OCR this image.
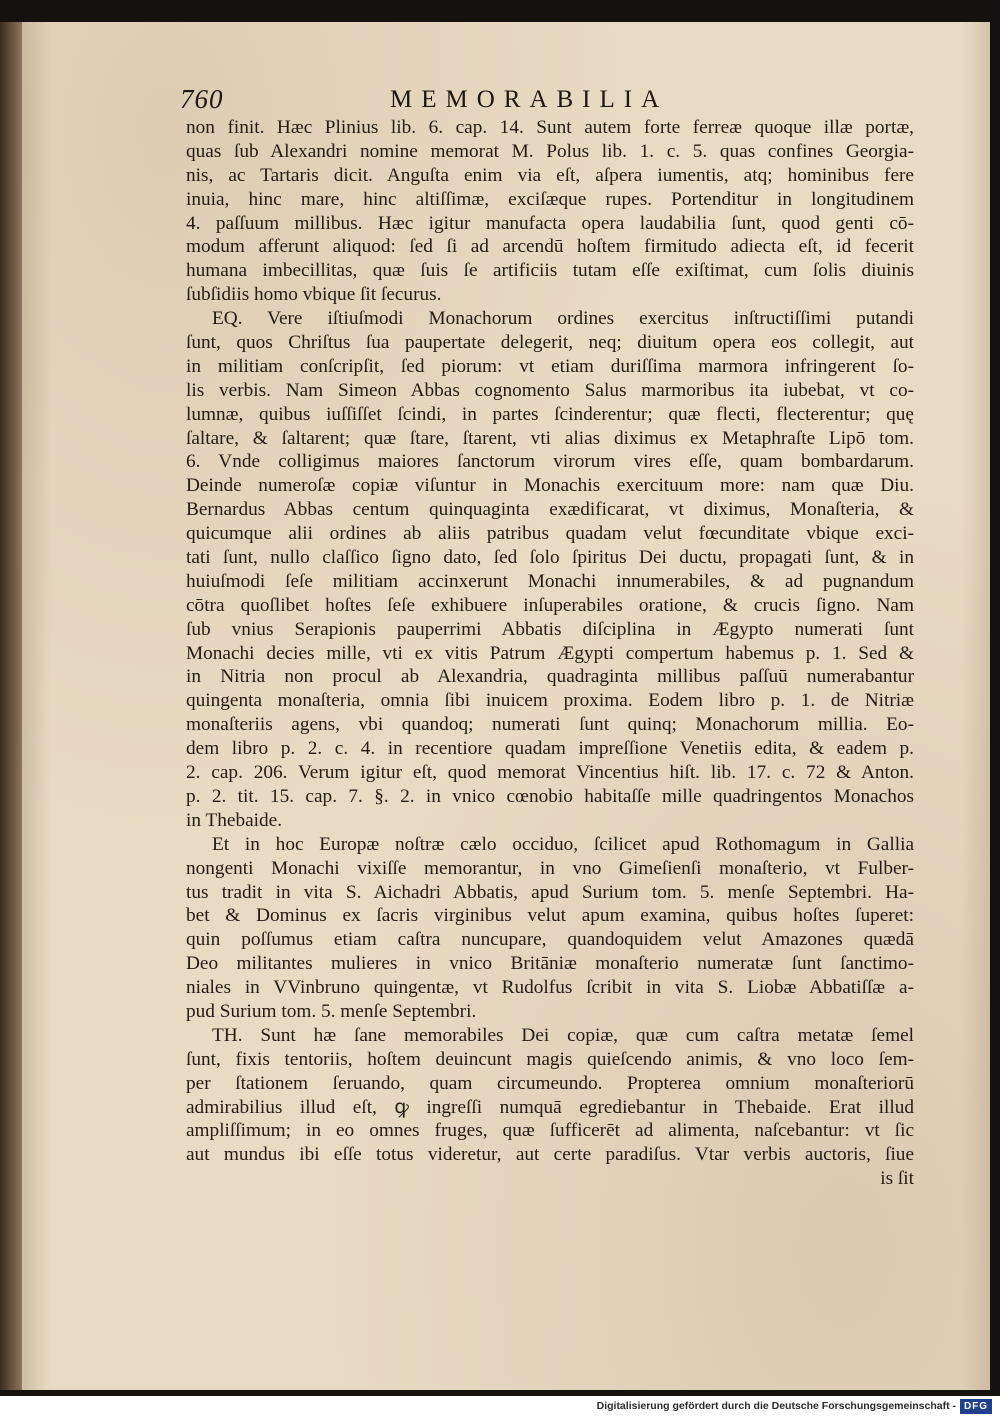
760	MEMORABILIA
non finit. Hæc Plinius lib. 6. cap. 14. Sunt autem forte ferreæ quoque illæ portæ,
quas ſub Alexandri nomine memorat M. Polus lib. 1. c. 5. quas confines Georgia-
nis, ac Tartaris dicit. Anguſta enim via eſt, aſpera iumentis, atq; hominibus fere
inuia, hinc mare, hinc altiſſimæ, exciſæque rupes. Portenditur in longitudinem
4. paſſuum millibus. Hæc igitur manufacta opera laudabilia ſunt, quod genti cō-
modum afferunt aliquod: ſed ſi ad arcendū hoſtem firmitudo adiecta eſt, id fecerit
humana imbecillitas, quæ ſuis ſe artificiis tutam eſſe exiſtimat, cum ſolis diuinis
ſubſidiis homo vbique ſit ſecurus.
EQ. Vere iſtiuſmodi Monachorum ordines exercitus inſtructiſſimi putandi
ſunt, quos Chriſtus ſua paupertate delegerit, neq; diuitum opera eos collegit, aut
in militiam conſcripſit, ſed piorum: vt etiam duriſſima marmora infringerent ſo-
lis verbis. Nam Simeon Abbas cognomento Salus marmoribus ita iubebat, vt co-
lumnæ, quibus iuſſiſſet ſcindi, in partes ſcinderentur; quæ flecti, flecterentur; quę
ſaltare, & ſaltarent; quæ ſtare, ſtarent, vti alias diximus ex Metaphraſte Lipō tom.
6. Vnde colligimus maiores ſanctorum virorum vires eſſe, quam bombardarum.
Deinde numeroſæ copiæ viſuntur in Monachis exercituum more: nam quæ Diu.
Bernardus Abbas centum quinquaginta exædificarat, vt diximus, Monaſteria, &
quicumque alii ordines ab aliis patribus quadam velut fœcunditate vbique exci-
tati ſunt, nullo claſſico ſigno dato, ſed ſolo ſpiritus Dei ductu, propagati ſunt, & in
huiuſmodi ſeſe militiam accinxerunt Monachi innumerabiles, & ad pugnandum
cōtra quoſlibet hoſtes ſeſe exhibuere inſuperabiles oratione, & crucis ſigno. Nam
ſub vnius Serapionis pauperrimi Abbatis diſciplina in Ægypto numerati ſunt
Monachi decies mille, vti ex vitis Patrum Ægypti compertum habemus p. 1. Sed &
in Nitria non procul ab Alexandria, quadraginta millibus paſſuū numerabantur
quingenta monaſteria, omnia ſibi inuicem proxima. Eodem libro p. 1. de Nitriæ
monaſteriis agens, vbi quandoq; numerati ſunt quinq; Monachorum millia. Eo-
dem libro p. 2. c. 4. in recentiore quadam impreſſione Venetiis edita, & eadem p.
2. cap. 206. Verum igitur eſt, quod memorat Vincentius hiſt. lib. 17. c. 72 & Anton.
p. 2. tit. 15. cap. 7. §. 2. in vnico cœnobio habitaſſe mille quadringentos Monachos
in Thebaide.
Et in hoc Europæ noſtræ cælo occiduo, ſcilicet apud Rothomagum in Gallia
nongenti Monachi vixiſſe memorantur, in vno Gimeſienſi monaſterio, vt Fulber-
tus tradit in vita S. Aichadri Abbatis, apud Surium tom. 5. menſe Septembri. Ha-
bet & Dominus ex ſacris virginibus velut apum examina, quibus hoſtes ſuperet:
quin poſſumus etiam caſtra nuncupare, quandoquidem velut Amazones quædā
Deo militantes mulieres in vnico Britāniæ monaſterio numeratæ ſunt ſanctimo-
niales in VVinbruno quingentæ, vt Rudolfus ſcribit in vita S. Liobæ Abbatiſſæ a-
pud Surium tom. 5. menſe Septembri.
TH. Sunt hæ ſane memorabiles Dei copiæ, quæ cum caſtra metatæ ſemel
ſunt, fixis tentoriis, hoſtem deuincunt magis quieſcendo animis, & vno loco ſem-
per ſtationem ſeruando, quam circumeundo. Propterea omnium monaſteriorū
admirabilius illud eſt, ꝙ ingreſſi numquā egrediebantur in Thebaide. Erat illud
ampliſſimum; in eo omnes fruges, quæ ſufficerēt ad alimenta, naſcebantur: vt ſic
aut mundus ibi eſſe totus videretur, aut certe paradiſus. Vtar verbis auctoris, ſiue
is ſit
Digitalisierung gefördert durch die Deutsche Forschungsgemeinschaft - DFG
